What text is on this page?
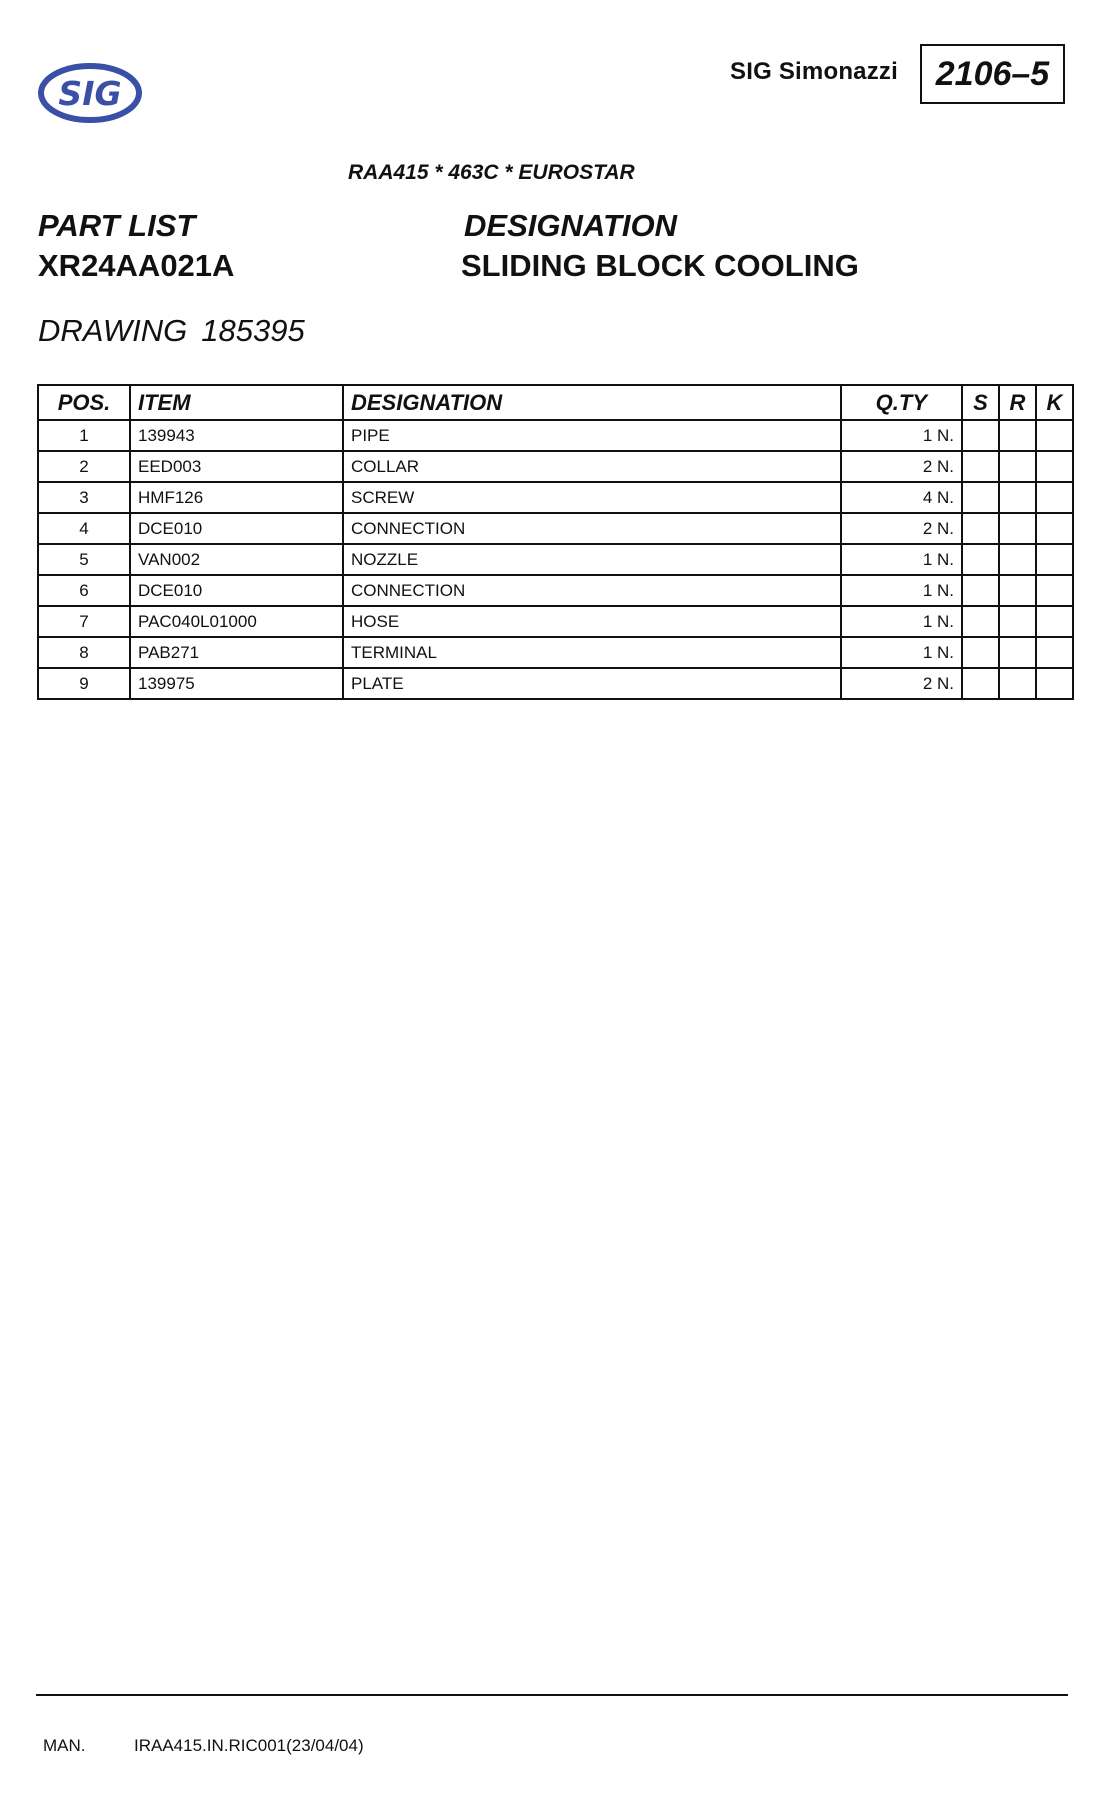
SIG
SIG Simonazzi	2106–5
RAA415 * 463C * EUROSTAR
PART LIST
XR24AA021A
DESIGNATION
SLIDING BLOCK COOLING
DRAWING 185395
POS.	ITEM	DESIGNATION	Q.TY	S	R	K
1	139943	PIPE	1 N.			
2	EED003	COLLAR	2 N.			
3	HMF126	SCREW	4 N.			
4	DCE010	CONNECTION	2 N.			
5	VAN002	NOZZLE	1 N.			
6	DCE010	CONNECTION	1 N.			
7	PAC040L01000	HOSE	1 N.			
8	PAB271	TERMINAL	1 N.			
9	139975	PLATE	2 N.			
MAN.	IRAA415.IN.RIC001(23/04/04)
